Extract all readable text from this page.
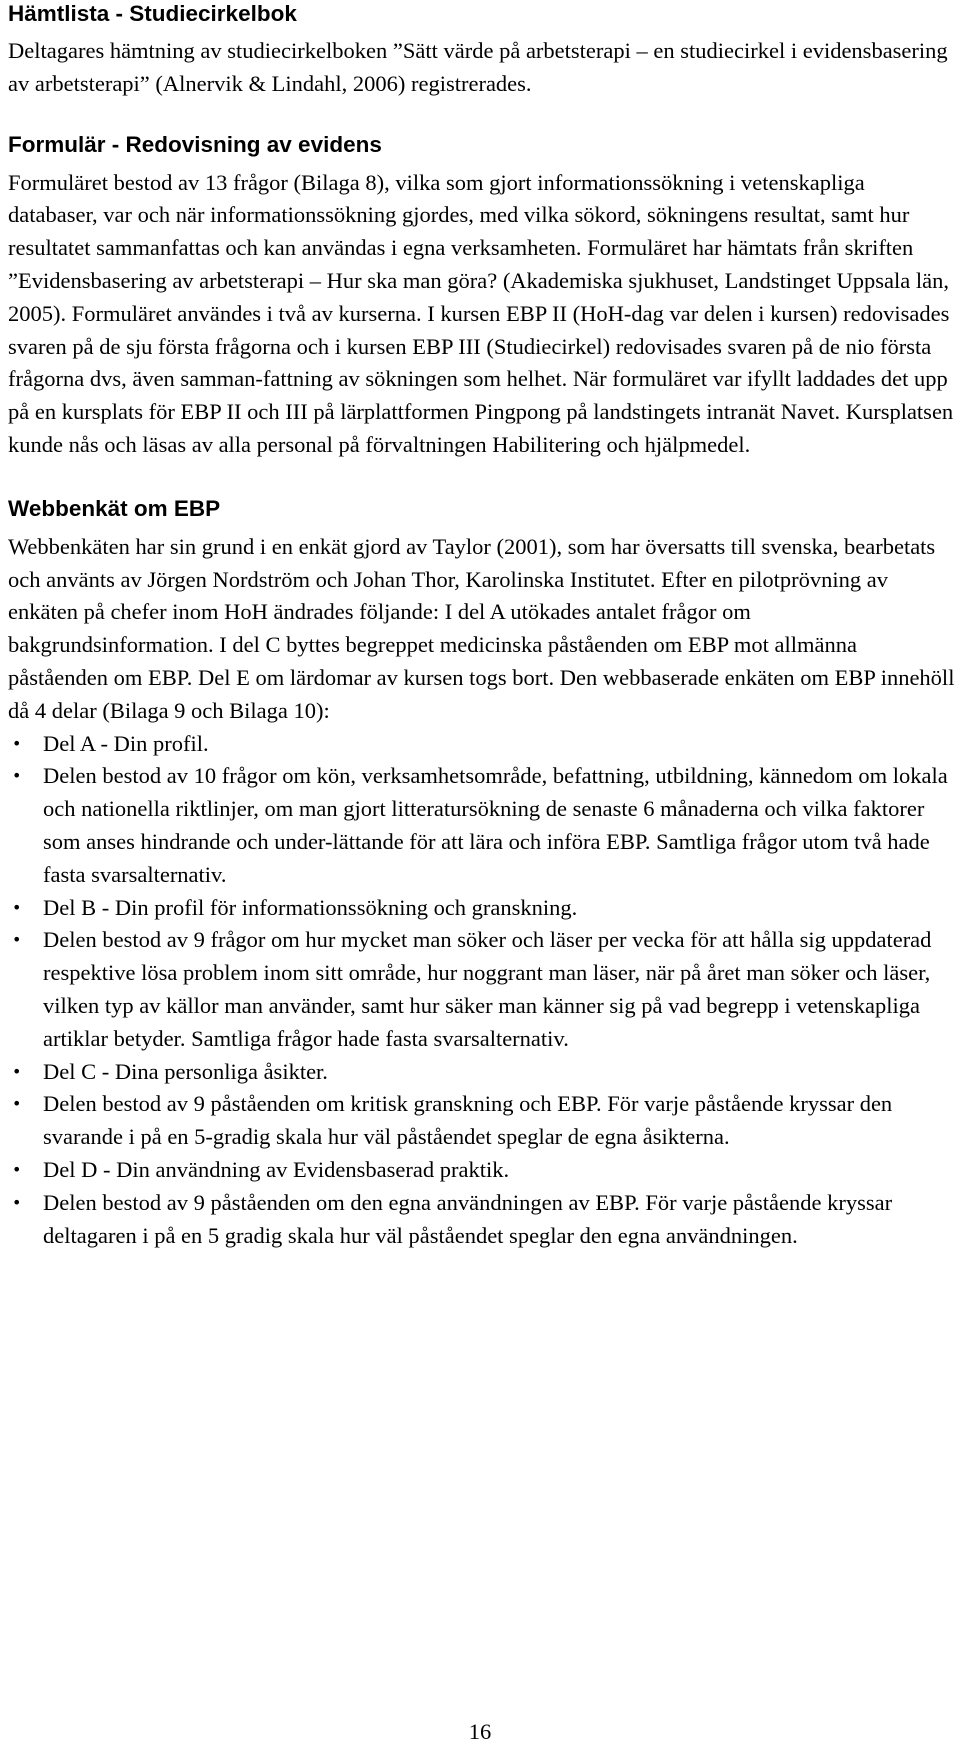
Hämtlista - Studiecirkelbok

Deltagares hämtning av studiecirkelboken ”Sätt värde på arbetsterapi – en studiecirkel i evidensbasering av arbetsterapi” (Alnervik & Lindahl, 2006) registrerades.

Formulär - Redovisning av evidens

Formuläret bestod av 13 frågor (Bilaga 8), vilka som gjort informationssökning i vetenskapliga databaser, var och när informationssökning gjordes, med vilka sökord, sökningens resultat, samt hur resultatet sammanfattas och kan användas i egna verksamheten. Formuläret har hämtats från skriften ”Evidensbasering av arbetsterapi – Hur ska man göra? (Akademiska sjukhuset, Landstinget Uppsala län, 2005). Formuläret användes i två av kurserna. I kursen EBP II (HoH-dag var delen i kursen) redovisades svaren på de sju första frågorna och i kursen EBP III (Studiecirkel) redovisades svaren på de nio första frågorna dvs, även samman-fattning av sökningen som helhet. När formuläret var ifyllt laddades det upp på en kursplats för EBP II och III på lärplattformen Pingpong på landstingets intranät Navet. Kursplatsen kunde nås och läsas av alla personal på förvaltningen Habilitering och hjälpmedel.

Webbenkät om EBP

Webbenkäten har sin grund i en enkät gjord av Taylor (2001), som har översatts till svenska, bearbetats och använts av Jörgen Nordström och Johan Thor, Karolinska Institutet. Efter en pilotprövning av enkäten på chefer inom HoH ändrades följande: I del A utökades antalet frågor om bakgrundsinformation. I del C byttes begreppet medicinska påståenden om EBP mot allmänna påståenden om EBP. Del E om lärdomar av kursen togs bort. Den webbaserade enkäten om EBP innehöll då 4 delar (Bilaga 9 och Bilaga 10):

• Del A - Din profil.
• Delen bestod av 10 frågor om kön, verksamhetsområde, befattning, utbildning, kännedom om lokala och nationella riktlinjer, om man gjort litteratursökning de senaste 6 månaderna och vilka faktorer som anses hindrande och under-lättande för att lära och införa EBP. Samtliga frågor utom två hade fasta svarsalternativ.
• Del B - Din profil för informationssökning och granskning.
• Delen bestod av 9 frågor om hur mycket man söker och läser per vecka för att hålla sig uppdaterad respektive lösa problem inom sitt område, hur noggrant man läser, när på året man söker och läser, vilken typ av källor man använder, samt hur säker man känner sig på vad begrepp i vetenskapliga artiklar betyder. Samtliga frågor hade fasta svarsalternativ.
• Del C - Dina personliga åsikter.
• Delen bestod av 9 påståenden om kritisk granskning och EBP. För varje påstående kryssar den svarande i på en 5-gradig skala hur väl påståendet speglar de egna åsikterna.
• Del D - Din användning av Evidensbaserad praktik.
• Delen bestod av 9 påståenden om den egna användningen av EBP. För varje påstående kryssar deltagaren i på en 5 gradig skala hur väl påståendet speglar den egna användningen.
16
